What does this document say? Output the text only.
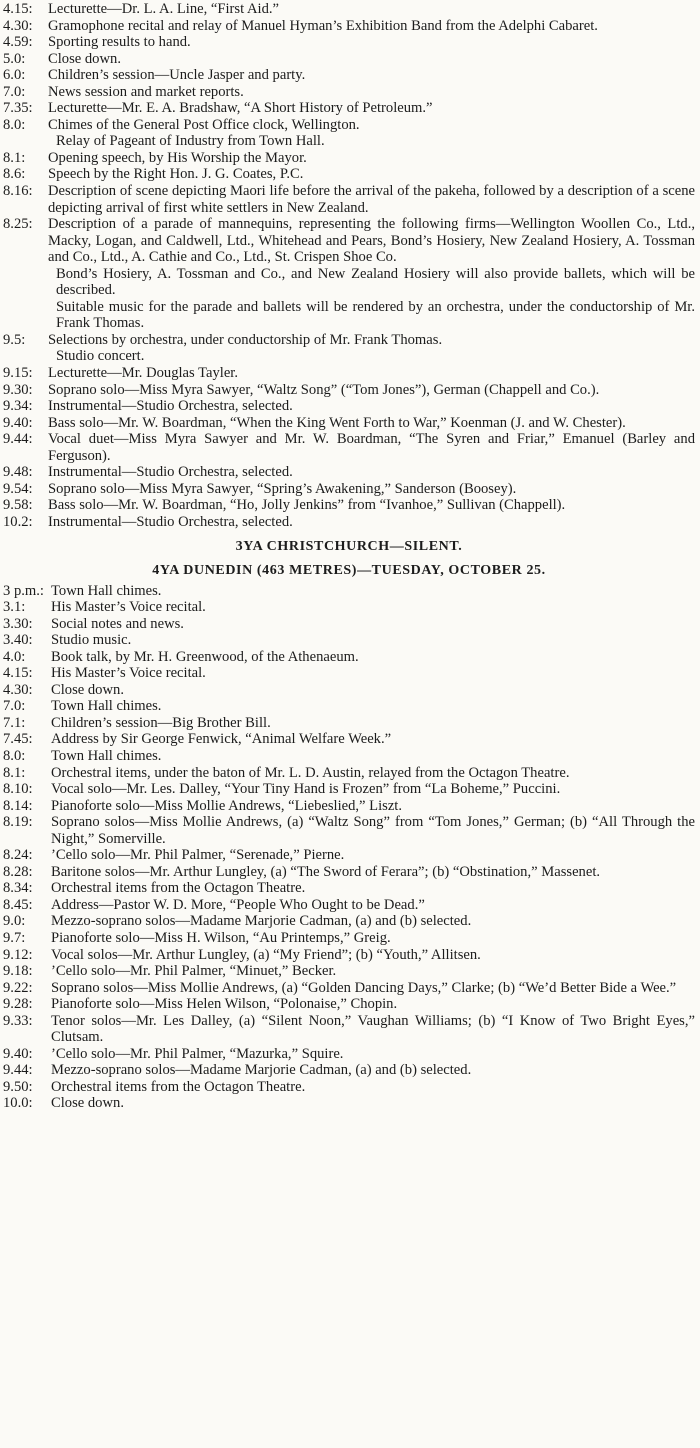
4.15:	Lecturette—Dr. L. A. Line, “First Aid.”
4.30:	Gramophone recital and relay of Manuel Hyman’s Exhibition Band from the Adelphi Cabaret.
4.59:	Sporting results to hand.
5.0:	Close down.
6.0:	Children’s session—Uncle Jasper and party.
7.0:	News session and market reports.
7.35:	Lecturette—Mr. E. A. Bradshaw, “A Short History of Petroleum.”
8.0:	Chimes of the General Post Office clock, Wellington.
Relay of Pageant of Industry from Town Hall.
8.1:	Opening speech, by His Worship the Mayor.
8.6:	Speech by the Right Hon. J. G. Coates, P.C.
8.16:	Description of scene depicting Maori life before the arrival of the pakeha, followed by a description of a scene depicting arrival of first white settlers in New Zealand.
8.25:	Description of a parade of mannequins, representing the following firms—Wellington Woollen Co., Ltd., Macky, Logan, and Caldwell, Ltd., Whitehead and Pears, Bond’s Hosiery, New Zealand Hosiery, A. Tossman and Co., Ltd., A. Cathie and Co., Ltd., St. Crispen Shoe Co.
Bond’s Hosiery, A. Tossman and Co., and New Zealand Hosiery will also provide ballets, which will be described.
Suitable music for the parade and ballets will be rendered by an orchestra, under the conductorship of Mr. Frank Thomas.
9.5:	Selections by orchestra, under conductorship of Mr. Frank Thomas.
Studio concert.
9.15:	Lecturette—Mr. Douglas Tayler.
9.30:	Soprano solo—Miss Myra Sawyer, “Waltz Song” (“Tom Jones”), German (Chappell and Co.).
9.34:	Instrumental—Studio Orchestra, selected.
9.40:	Bass solo—Mr. W. Boardman, “When the King Went Forth to War,” Koenman (J. and W. Chester).
9.44:	Vocal duet—Miss Myra Sawyer and Mr. W. Boardman, “The Syren and Friar,” Emanuel (Barley and Ferguson).
9.48:	Instrumental—Studio Orchestra, selected.
9.54:	Soprano solo—Miss Myra Sawyer, “Spring’s Awakening,” Sanderson (Boosey).
9.58:	Bass solo—Mr. W. Boardman, “Ho, Jolly Jenkins” from “Ivanhoe,” Sullivan (Chappell).
10.2:	Instrumental—Studio Orchestra, selected.
3YA CHRISTCHURCH—SILENT.
4YA DUNEDIN (463 METRES)—TUESDAY, OCTOBER 25.
3 p.m.: Town Hall chimes.
3.1:	His Master’s Voice recital.
3.30:	Social notes and news.
3.40:	Studio music.
4.0:	Book talk, by Mr. H. Greenwood, of the Athenaeum.
4.15:	His Master’s Voice recital.
4.30:	Close down.
7.0:	Town Hall chimes.
7.1:	Children’s session—Big Brother Bill.
7.45:	Address by Sir George Fenwick, “Animal Welfare Week.”
8.0:	Town Hall chimes.
8.1:	Orchestral items, under the baton of Mr. L. D. Austin, relayed from the Octagon Theatre.
8.10:	Vocal solo—Mr. Les. Dalley, “Your Tiny Hand is Frozen” from “La Boheme,” Puccini.
8.14:	Pianoforte solo—Miss Mollie Andrews, “Liebeslied,” Liszt.
8.19:	Soprano solos—Miss Mollie Andrews, (a) “Waltz Song” from “Tom Jones,” German; (b) “All Through the Night,” Somerville.
8.24:	’Cello solo—Mr. Phil Palmer, “Serenade,” Pierne.
8.28:	Baritone solos—Mr. Arthur Lungley, (a) “The Sword of Ferara”; (b) “Obstination,” Massenet.
8.34:	Orchestral items from the Octagon Theatre.
8.45:	Address—Pastor W. D. More, “People Who Ought to be Dead.”
9.0:	Mezzo-soprano solos—Madame Marjorie Cadman, (a) and (b) selected.
9.7:	Pianoforte solo—Miss H. Wilson, “Au Printemps,” Greig.
9.12:	Vocal solos—Mr. Arthur Lungley, (a) “My Friend”; (b) “Youth,” Allitsen.
9.18:	’Cello solo—Mr. Phil Palmer, “Minuet,” Becker.
9.22:	Soprano solos—Miss Mollie Andrews, (a) “Golden Dancing Days,” Clarke; (b) “We’d Better Bide a Wee.”
9.28:	Pianoforte solo—Miss Helen Wilson, “Polonaise,” Chopin.
9.33:	Tenor solos—Mr. Les Dalley, (a) “Silent Noon,” Vaughan Williams; (b) “I Know of Two Bright Eyes,” Clutsam.
9.40:	’Cello solo—Mr. Phil Palmer, “Mazurka,” Squire.
9.44:	Mezzo-soprano solos—Madame Marjorie Cadman, (a) and (b) selected.
9.50:	Orchestral items from the Octagon Theatre.
10.0:	Close down.
